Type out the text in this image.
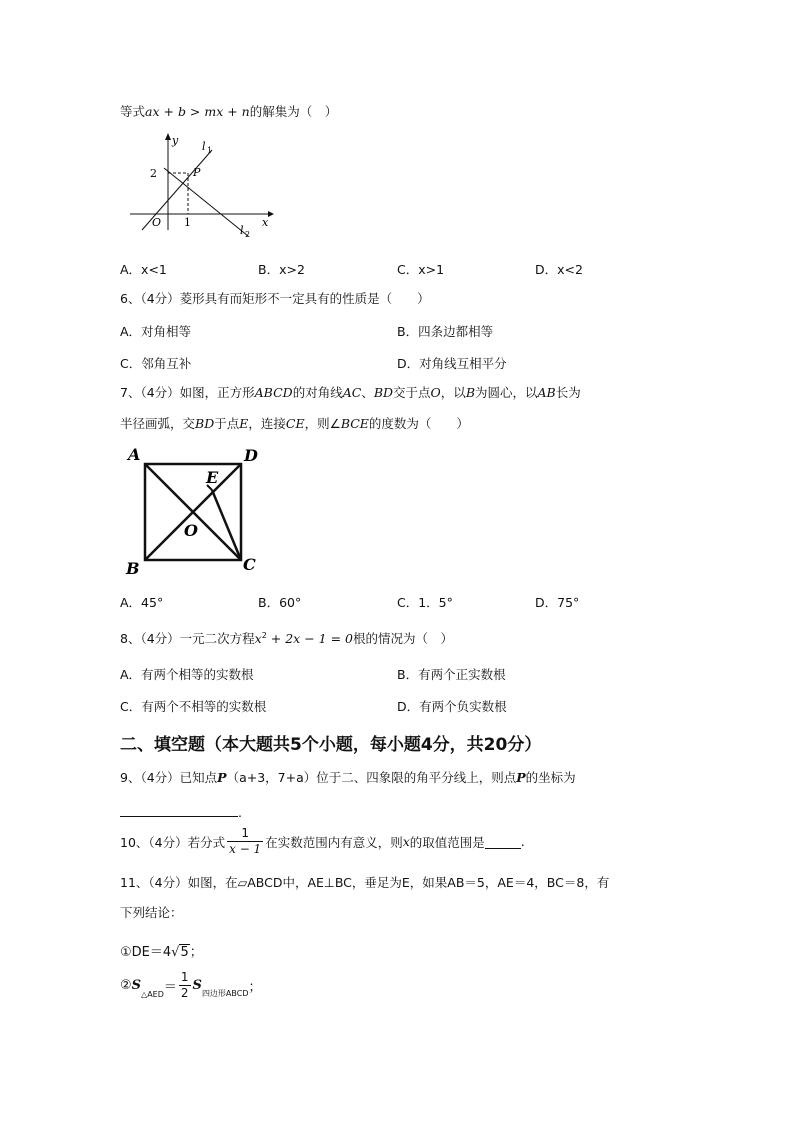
等式ax + b > mx + n的解集为（　）
y
x
l 1
l 2
2
1
O
P
A．x<1	B．x>2	C．x>1	D．x<2
6、（4分）菱形具有而矩形不一定具有的性质是（　　）
A．对角相等	B．四条边都相等
C．邻角互补	D．对角线互相平分
7、（4分）如图，正方形ABCD的对角线AC、BD交于点O，以B为圆心，以AB长为
半径画弧，交BD于点E，连接CE，则∠BCE的度数为（　　）
A	D
E
O
B	C
A．45°	B．60°	C．1．5°	D．75°
8、（4分）一元二次方程$x^2 + 2x - 1 = 0$根的情况为（　）
A．有两个相等的实数根	B．有两个正实数根
C．有两个不相等的实数根	D．有两个负实数根
二、填空题（本大题共5个小题，每小题4分，共20分）
9、（4分）已知点P（a+3，7+a）位于二、四象限的角平分线上，则点P的坐标为
.
10、（4分）若分式 $\frac{1}{x - 1}$ 在实数范围内有意义，则 x 的取值范围是	.
11、（4分）如图，在▱ABCD中，AE⊥BC，垂足为E，如果AB＝5，AE＝4，BC＝8，有
下列结论：
①DE＝4√5；
② S
△AED ＝ $\frac{1}{2}$ S
四边形ABCD ；
